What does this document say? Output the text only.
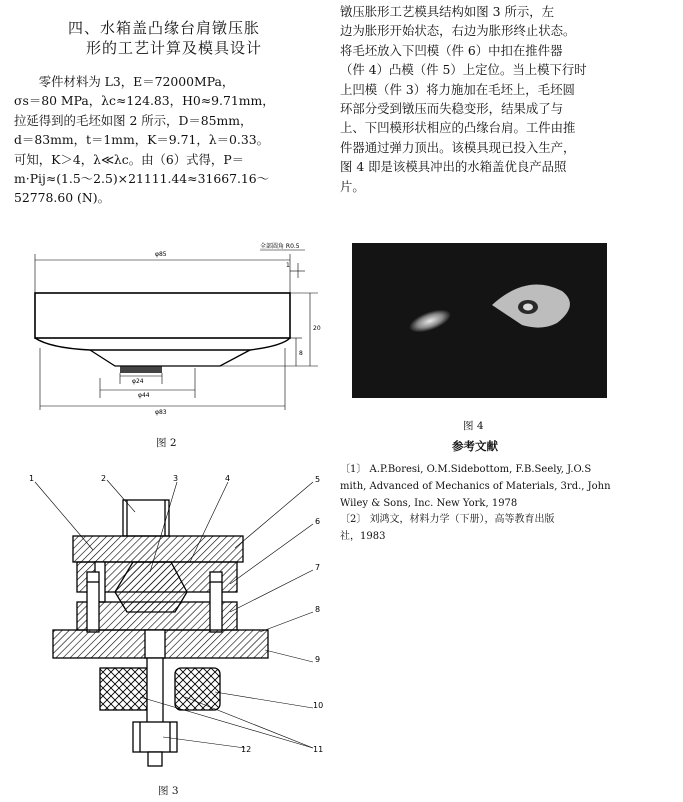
四、水箱盖凸缘台肩镦压胀
形的工艺计算及模具设计
　　零件材料为 L3，E＝72000MPa，
σs＝80 MPa，λc≈124.83，H0≈9.71mm，
拉延得到的毛坯如图 2 所示，D＝85mm，
d＝83mm，t＝1mm，K＝9.71，λ＝0.33。
可知，K＞4，λ≪λc。由（6）式得，P＝
m·Pij≈(1.5～2.5)×21111.44≈31667.16～
52778.60 (N)。
镦压胀形工艺模具结构如图 3 所示，左
边为胀形开始状态，右边为胀形终止状态。
将毛坯放入下凹模（件 6）中扣在推件器
（件 4）凸模（件 5）上定位。当上模下行时
上凹模（件 3）将力施加在毛坯上，毛坯圆
环部分受到镦压而失稳变形，结果成了与
上、下凹模形状相应的凸缘台肩。工件由推
件器通过弹力顶出。该模具现已投入生产，
图 4 即是该模具冲出的水箱盖优良产品照
片。
φ85
全部圆角 R0.5
1
20
8
φ24
φ44
φ83
图 2
图 4
参考文献
〔1〕 A.P.Boresi, O.M.Sidebottom, F.B.Seely, J.O.S
mith, Advanced of Mechanics of Materials, 3rd., John
Wiley & Sons, Inc. New York, 1978
〔2〕 刘鸿文，材料力学（下册），高等教育出版
社，1983
1	2	3	4	5
6
7
8
9
10
11
12
图 3
